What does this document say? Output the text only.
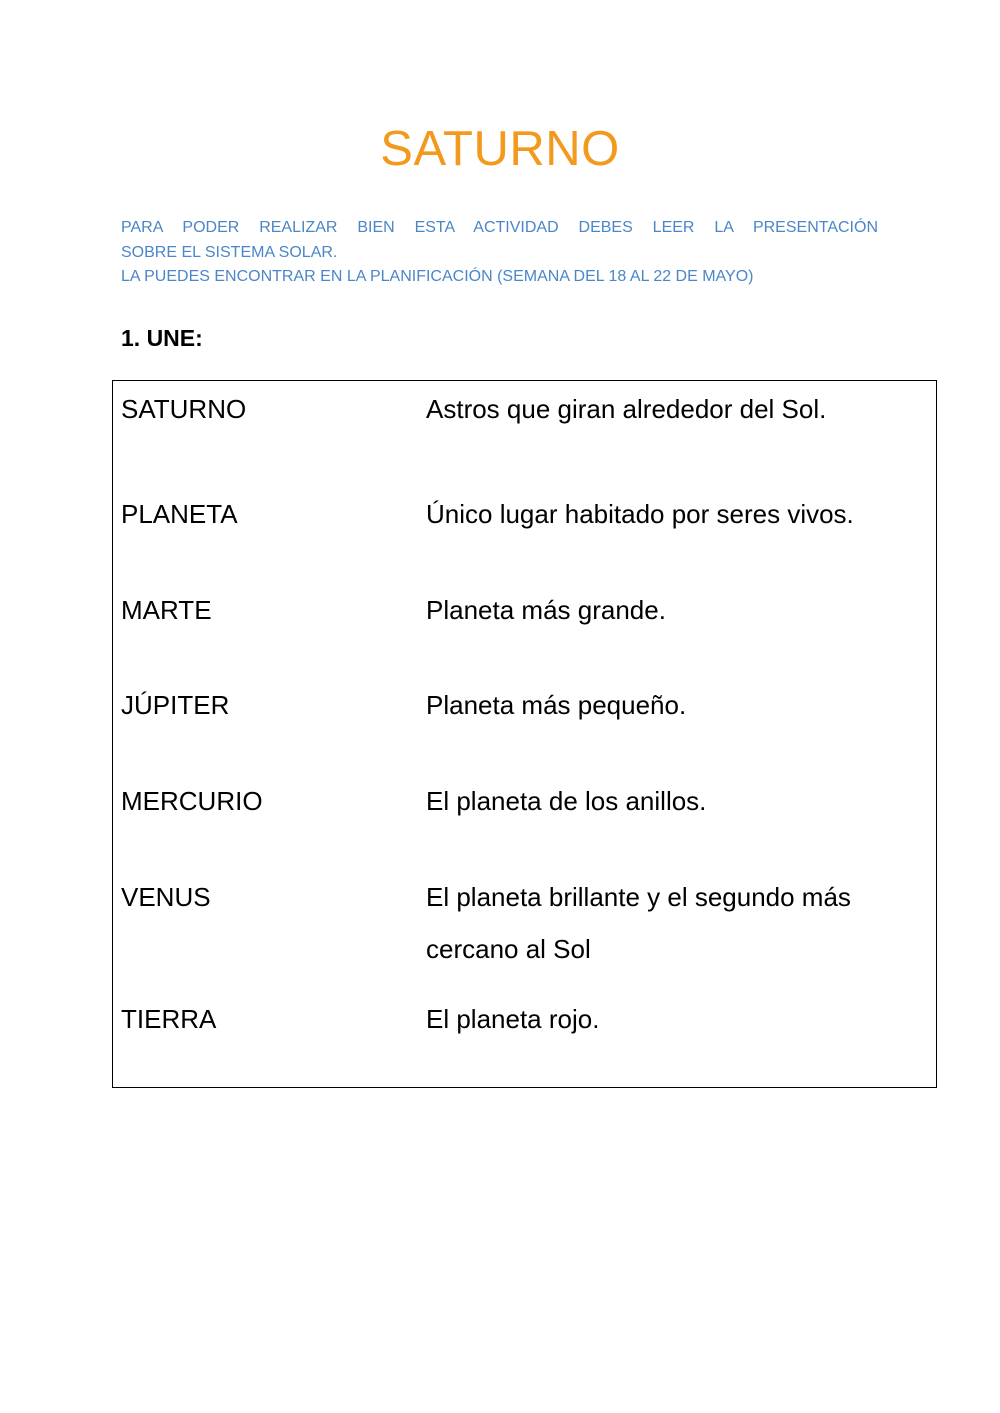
SATURNO
PARA PODER REALIZAR BIEN ESTA ACTIVIDAD DEBES LEER LA PRESENTACIÓN
SOBRE EL SISTEMA SOLAR.
LA PUEDES ENCONTRAR EN LA PLANIFICACIÓN (SEMANA DEL 18 AL 22 DE MAYO)
1. UNE:
SATURNO	Astros que giran alrededor del Sol.
PLANETA	Único lugar habitado por seres vivos.
MARTE	Planeta más grande.
JÚPITER	Planeta más pequeño.
MERCURIO	El planeta de los anillos.
VENUS	El planeta brillante y el segundo más cercano al Sol
TIERRA	El planeta rojo.
